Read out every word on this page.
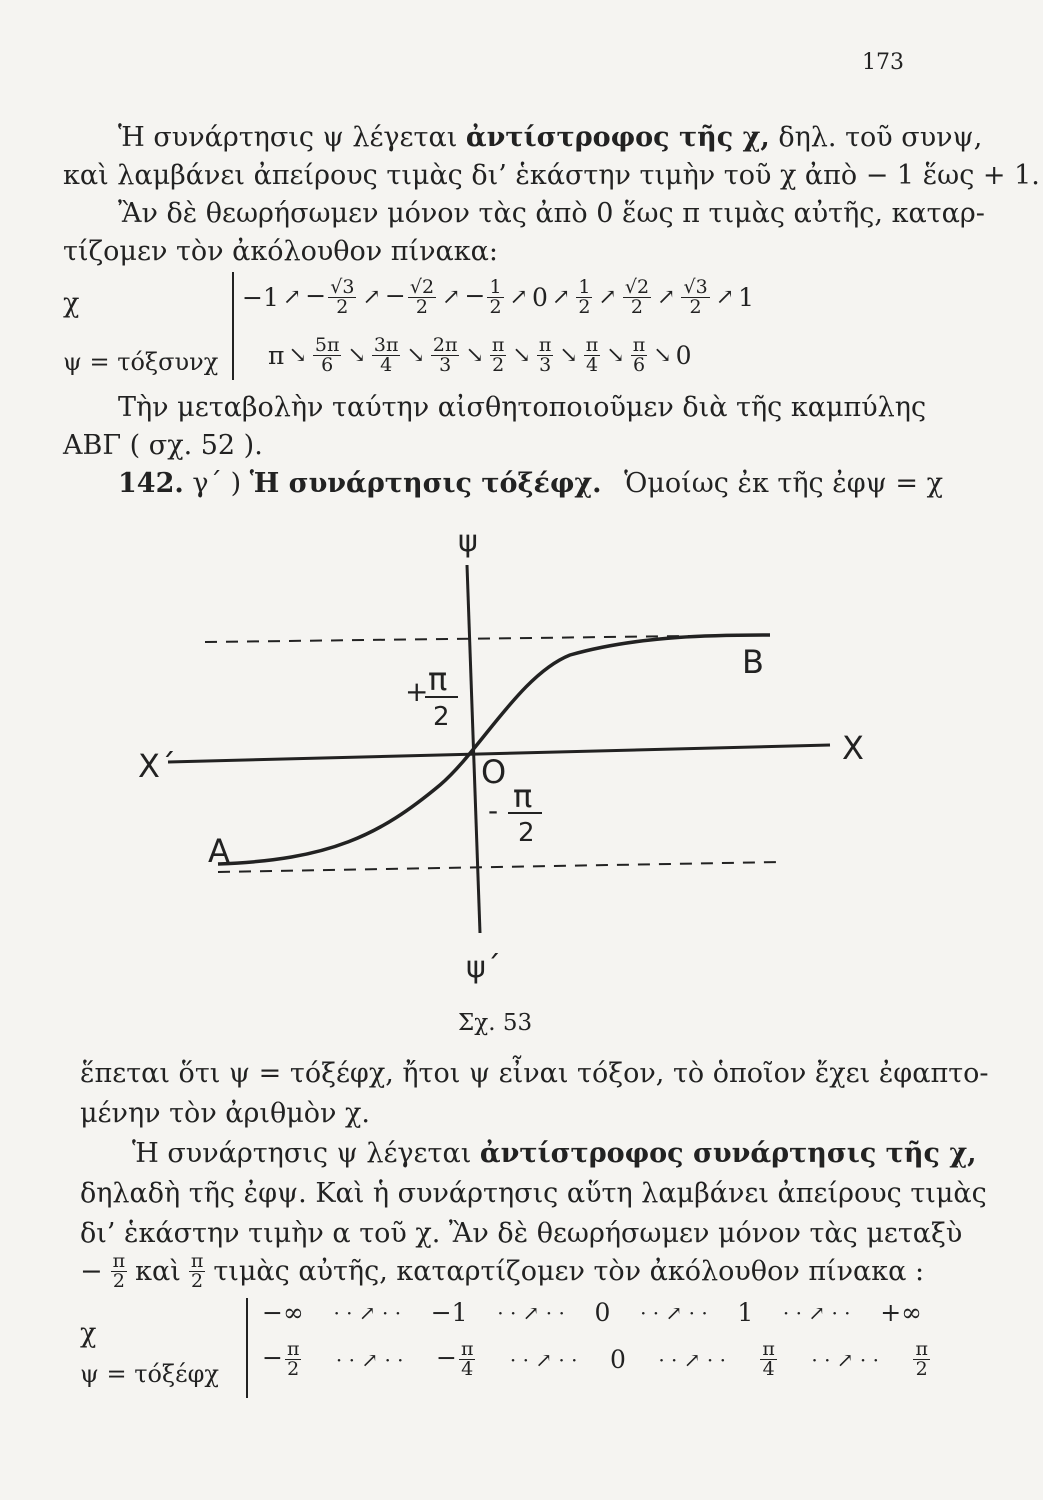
173
Ἡ συνάρτησις ψ λέγεται ἀντίστροφος τῆς χ, δηλ. τοῦ συνψ,
καὶ λαμβάνει ἀπείρους τιμὰς δι’ ἑκάστην τιμὴν τοῦ χ ἀπὸ − 1 ἕως + 1.
Ἂν δὲ θεωρήσωμεν μόνον τὰς ἀπὸ 0 ἕως π τιμὰς αὐτῆς, καταρ-
τίζομεν τὸν ἀκόλουθον πίνακα:
χ
ψ = τόξσυνχ
−1 ↗ − $\frac{√3}{2}$ ↗ − $\frac{√2}{2}$ ↗ − $\frac{1}{2}$ ↗ 0 ↗ $\frac{1}{2}$ ↗ $\frac{√2}{2}$ ↗ $\frac{√3}{2}$ ↗ 1
π ↘ $\frac{5\pi}{6}$ ↘ $\frac{3\pi}{4}$ ↘ $\frac{2\pi}{3}$ ↘ $\frac{\pi}{2}$ ↘ $\frac{\pi}{3}$ ↘ $\frac{\pi}{4}$ ↘ $\frac{\pi}{6}$ ↘ 0
Τὴν μεταβολὴν ταύτην αἰσθητοποιοῦμεν διὰ τῆς καμπύλης
ΑΒΓ ( σχ. 52 ).
142. γ΄ ) Ἡ συνάρτησις τόξέφχ. Ὁμοίως ἐκ τῆς ἐφψ = χ
ψ
ψ΄
Χ΄	Χ
Ο
Α
Β
+ π
2
- π
2
Σχ. 53
ἕπεται ὅτι ψ = τόξέφχ, ἤτοι ψ εἶναι τόξον, τὸ ὁποῖον ἔχει ἐφαπτο-
μένην τὸν ἀριθμὸν χ.
Ἡ συνάρτησις ψ λέγεται ἀντίστροφος συνάρτησις τῆς χ,
δηλαδὴ τῆς ἐφψ. Καὶ ἡ συνάρτησις αὕτη λαμβάνει ἀπείρους τιμὰς
δι’ ἑκάστην τιμὴν α τοῦ χ. Ἂν δὲ θεωρήσωμεν μόνον τὰς μεταξὺ
− $\frac{\pi}{2}$ καὶ $\frac{\pi}{2}$ τιμὰς αὐτῆς, καταρτίζομεν τὸν ἀκόλουθον πίνακα :
χ
ψ = τόξέφχ
−∞ · · ↗ · · −1 · · ↗ · · 0 · · ↗ · · 1 · · ↗ · · +∞
− $\frac{\pi}{2}$ · · ↗ · · − $\frac{\pi}{4}$ · · ↗ · · 0 · · ↗ · · $\frac{\pi}{4}$ · · ↗ · · $\frac{\pi}{2}$
